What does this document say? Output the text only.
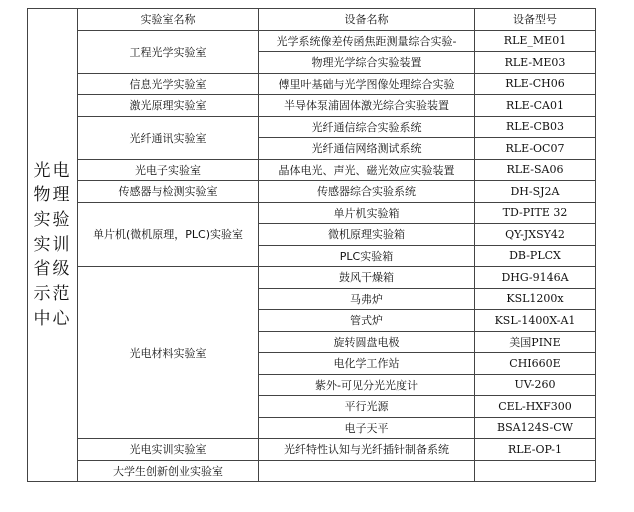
光电物理实验实训省级示范中心	实验室名称	设备名称	设备型号
	工程光学实验室	光学系统像差传函焦距测量综合实验-	RLE_ME01
		物理光学综合实验装置	RLE-ME03
	信息光学实验室	傅里叶基础与光学图像处理综合实验	RLE-CH06
	激光原理实验室	半导体泵浦固体激光综合实验装置	RLE-CA01
	光纤通讯实验室	光纤通信综合实验系统	RLE-CB03
		光纤通信网络测试系统	RLE-OC07
	光电子实验室	晶体电光、声光、磁光效应实验装置	RLE-SA06
	传感器与检测实验室	传感器综合实验系统	DH-SJ2A
	单片机(微机原理，PLC)实验室	单片机实验箱	TD-PITE 32
		微机原理实验箱	QY-JXSY42
		PLC实验箱	DB-PLCX
	光电材料实验室	鼓风干燥箱	DHG-9146A
		马弗炉	KSL1200x
		管式炉	KSL-1400X-A1
		旋转圆盘电极	美国PINE
		电化学工作站	CHI660E
		紫外-可见分光光度计	UV-260
		平行光源	CEL-HXF300
		电子天平	BSA124S-CW
	光电实训实验室	光纤特性认知与光纤插针制备系统	RLE-OP-1
	大学生创新创业实验室		
